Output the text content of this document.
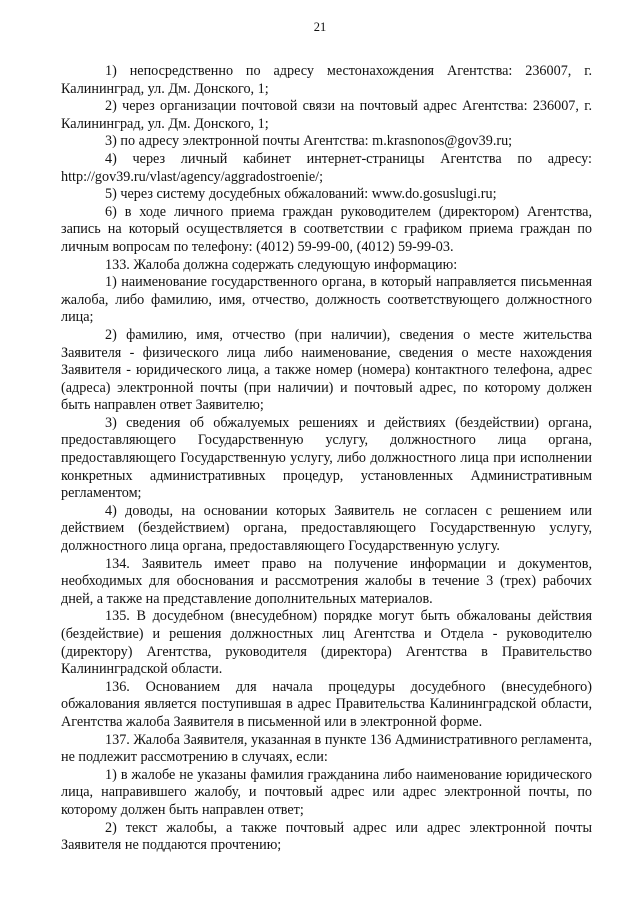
21

1) непосредственно по адресу местонахождения Агентства: 236007, г. Калининград, ул. Дм. Донского, 1;

2) через организации почтовой связи на почтовый адрес Агентства: 236007, г. Калининград, ул. Дм. Донского, 1;

3) по адресу электронной почты Агентства: m.krasnonos@gov39.ru;

4) через личный кабинет интернет-страницы Агентства по адресу: http://gov39.ru/vlast/agency/aggradostroenie/;

5) через систему досудебных обжалований: www.do.gosuslugi.ru;

6) в ходе личного приема граждан руководителем (директором) Агентства, запись на который осуществляется в соответствии с графиком приема граждан по личным вопросам по телефону: (4012) 59-99-00, (4012) 59-99-03.

133. Жалоба должна содержать следующую информацию:

1) наименование государственного органа, в который направляется письменная жалоба, либо фамилию, имя, отчество, должность соответствующего должностного лица;

2) фамилию, имя, отчество (при наличии), сведения о месте жительства Заявителя - физического лица либо наименование, сведения о месте нахождения Заявителя - юридического лица, а также номер (номера) контактного телефона, адрес (адреса) электронной почты (при наличии) и почтовый адрес, по которому должен быть направлен ответ Заявителю;

3) сведения об обжалуемых решениях и действиях (бездействии) органа, предоставляющего Государственную услугу, должностного лица органа, предоставляющего Государственную услугу, либо должностного лица при исполнении конкретных административных процедур, установленных Административным регламентом;

4) доводы, на основании которых Заявитель не согласен с решением или действием (бездействием) органа, предоставляющего Государственную услугу, должностного лица органа, предоставляющего Государственную услугу.

134. Заявитель имеет право на получение информации и документов, необходимых для обоснования и рассмотрения жалобы в течение 3 (трех) рабочих дней, а также на представление дополнительных материалов.

135. В досудебном (внесудебном) порядке могут быть обжалованы действия (бездействие) и решения должностных лиц Агентства и Отдела - руководителю (директору) Агентства, руководителя (директора) Агентства в Правительство Калининградской области.

136. Основанием для начала процедуры досудебного (внесудебного) обжалования является поступившая в адрес Правительства Калининградской области, Агентства жалоба Заявителя в письменной или в электронной форме.

137. Жалоба Заявителя, указанная в пункте 136 Административного регламента, не подлежит рассмотрению в случаях, если:

1) в жалобе не указаны фамилия гражданина либо наименование юридического лица, направившего жалобу, и почтовый адрес или адрес электронной почты, по которому должен быть направлен ответ;

2) текст жалобы, а также почтовый адрес или адрес электронной почты Заявителя не поддаются прочтению;
